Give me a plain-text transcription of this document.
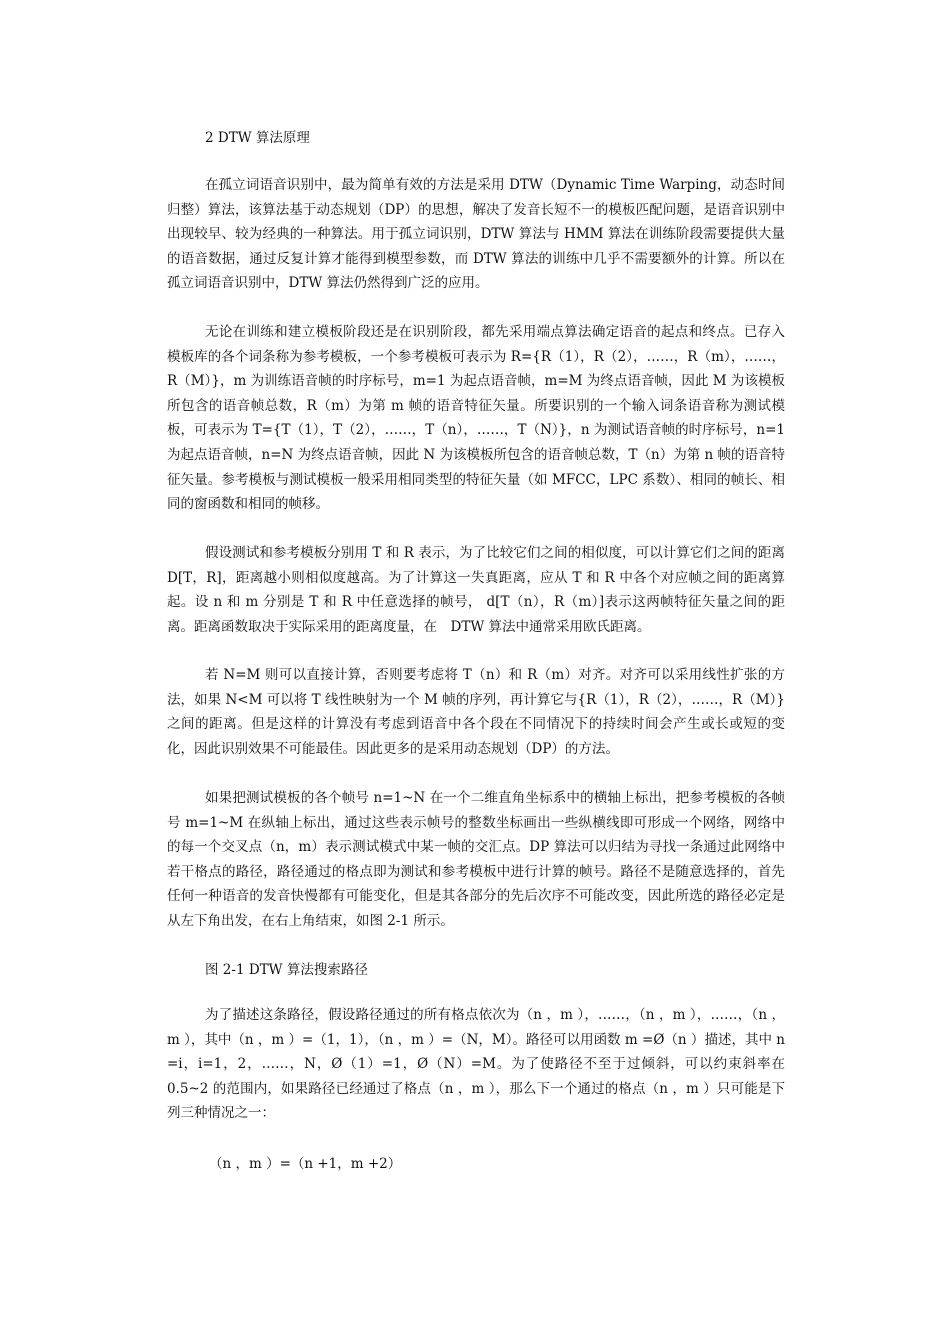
2 DTW 算法原理

在孤立词语音识别中，最为简单有效的方法是采用 DTW（Dynamic Time Warping，动态时间归整）算法，该算法基于动态规划（DP）的思想，解决了发音长短不一的模板匹配问题，是语音识别中出现较早、较为经典的一种算法。用于孤立词识别，DTW 算法与 HMM 算法在训练阶段需要提供大量的语音数据，通过反复计算才能得到模型参数，而 DTW 算法的训练中几乎不需要额外的计算。所以在孤立词语音识别中，DTW 算法仍然得到广泛的应用。

无论在训练和建立模板阶段还是在识别阶段，都先采用端点算法确定语音的起点和终点。已存入模板库的各个词条称为参考模板，一个参考模板可表示为 R={R（1），R（2），……，R（m），……，R（M）}，m 为训练语音帧的时序标号，m=1 为起点语音帧，m=M 为终点语音帧，因此 M 为该模板所包含的语音帧总数，R（m）为第 m 帧的语音特征矢量。所要识别的一个输入词条语音称为测试模板，可表示为 T={T（1），T（2），……，T（n），……，T（N）}，n 为测试语音帧的时序标号，n=1 为起点语音帧，n=N 为终点语音帧，因此 N 为该模板所包含的语音帧总数，T（n）为第 n 帧的语音特征矢量。参考模板与测试模板一般采用相同类型的特征矢量（如 MFCC，LPC 系数）、相同的帧长、相同的窗函数和相同的帧移。

假设测试和参考模板分别用 T 和 R 表示，为了比较它们之间的相似度，可以计算它们之间的距离 D[T，R]，距离越小则相似度越高。为了计算这一失真距离，应从 T 和 R 中各个对应帧之间的距离算起。设 n 和 m 分别是 T 和 R 中任意选择的帧号， d[T（n），R（m）]表示这两帧特征矢量之间的距离。距离函数取决于实际采用的距离度量，在　DTW 算法中通常采用欧氏距离。

若 N=M 则可以直接计算，否则要考虑将 T（n）和 R（m）对齐。对齐可以采用线性扩张的方法，如果 N<M 可以将 T 线性映射为一个 M 帧的序列，再计算它与{R（1），R（2），……，R（M）}之间的距离。但是这样的计算没有考虑到语音中各个段在不同情况下的持续时间会产生或长或短的变化，因此识别效果不可能最佳。因此更多的是采用动态规划（DP）的方法。

如果把测试模板的各个帧号 n=1~N 在一个二维直角坐标系中的横轴上标出，把参考模板的各帧号 m=1~M 在纵轴上标出，通过这些表示帧号的整数坐标画出一些纵横线即可形成一个网络，网络中的每一个交叉点（n，m）表示测试模式中某一帧的交汇点。DP 算法可以归结为寻找一条通过此网络中若干格点的路径，路径通过的格点即为测试和参考模板中进行计算的帧号。路径不是随意选择的，首先任何一种语音的发音快慢都有可能变化，但是其各部分的先后次序不可能改变，因此所选的路径必定是从左下角出发，在右上角结束，如图 2-1 所示。

图 2-1 DTW 算法搜索路径

为了描述这条路径，假设路径通过的所有格点依次为（n ，m ），……，（n ，m ），……，（n ，m ），其中（n ，m ）=（1，1），（n ，m ）=（N，M）。路径可以用函数 m =Ø（n ）描述，其中 n =i，i=1，2，……，N，Ø（1）=1，Ø（N）=M。为了使路径不至于过倾斜，可以约束斜率在 0.5~2 的范围内，如果路径已经通过了格点（n ，m ），那么下一个通过的格点（n ，m ）只可能是下列三种情况之一：

（n ，m ）=（n +1，m +2）
